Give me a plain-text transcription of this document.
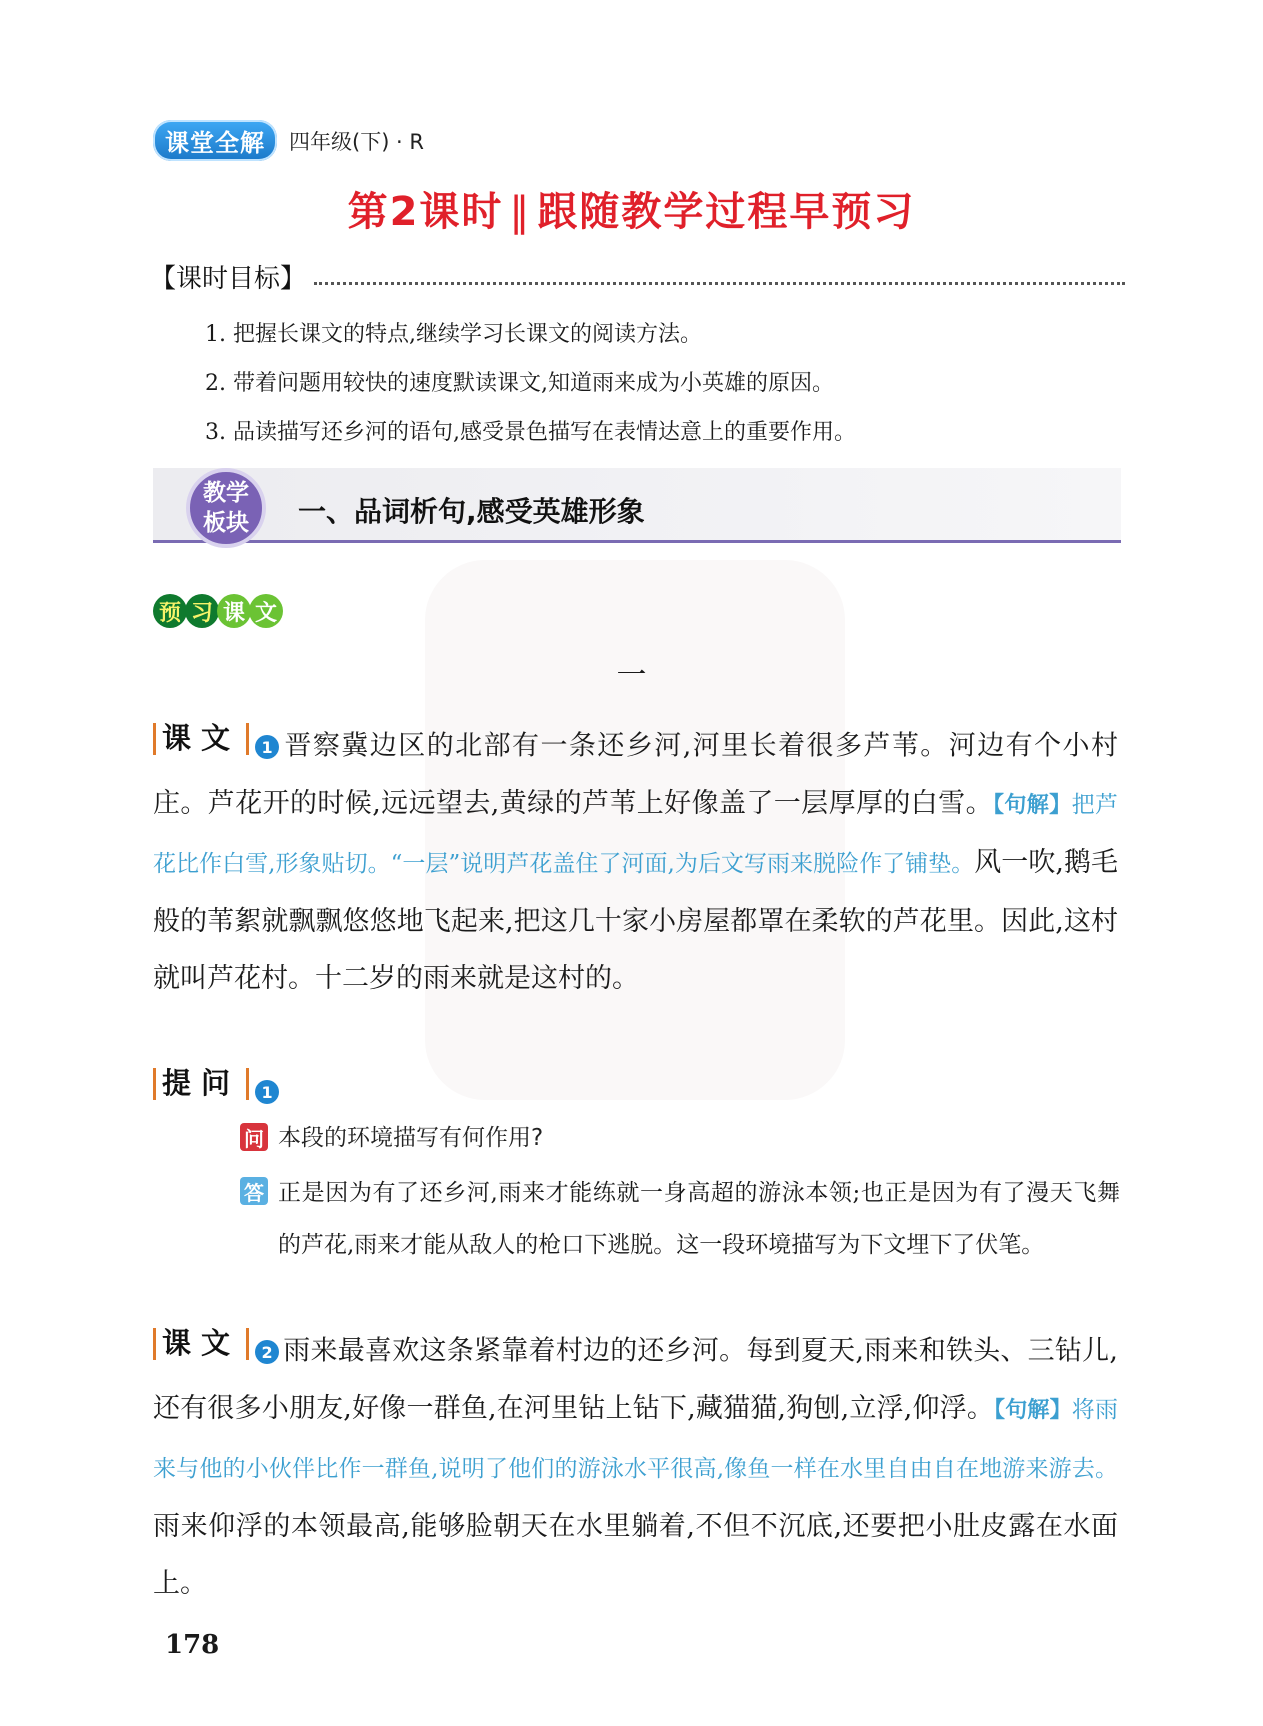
课堂全解	四年级(下) · R
第2课时 ‖ 跟随教学过程早预习
【课时目标】
1. 把握长课文的特点,继续学习长课文的阅读方法。
2. 带着问题用较快的速度默读课文,知道雨来成为小英雄的原因。
3. 品读描写还乡河的语句,感受景色描写在表情达意上的重要作用。
教学
板块 一、品词析句,感受英雄形象
预 习 课 文
一
课文 1 晋察冀边区的北部有一条还乡河,河里长着很多芦苇。河边有个小村庄。芦花开的时候,远远望去,黄绿的芦苇上好像盖了一层厚厚的白雪。【句解】把芦花比作白雪,形象贴切。“一层”说明芦花盖住了河面,为后文写雨来脱险作了铺垫。风一吹,鹅毛般的苇絮就飘飘悠悠地飞起来,把这几十家小房屋都罩在柔软的芦花里。因此,这村就叫芦花村。十二岁的雨来就是这村的。
提问 1
问 本段的环境描写有何作用?
答 正是因为有了还乡河,雨来才能练就一身高超的游泳本领;也正是因为有了漫天飞舞的芦花,雨来才能从敌人的枪口下逃脱。这一段环境描写为下文埋下了伏笔。
课文 2 雨来最喜欢这条紧靠着村边的还乡河。每到夏天,雨来和铁头、三钻儿,还有很多小朋友,好像一群鱼,在河里钻上钻下,藏猫猫,狗刨,立浮,仰浮。【句解】将雨来与他的小伙伴比作一群鱼,说明了他们的游泳水平很高,像鱼一样在水里自由自在地游来游去。雨来仰浮的本领最高,能够脸朝天在水里躺着,不但不沉底,还要把小肚皮露在水面上。
178
